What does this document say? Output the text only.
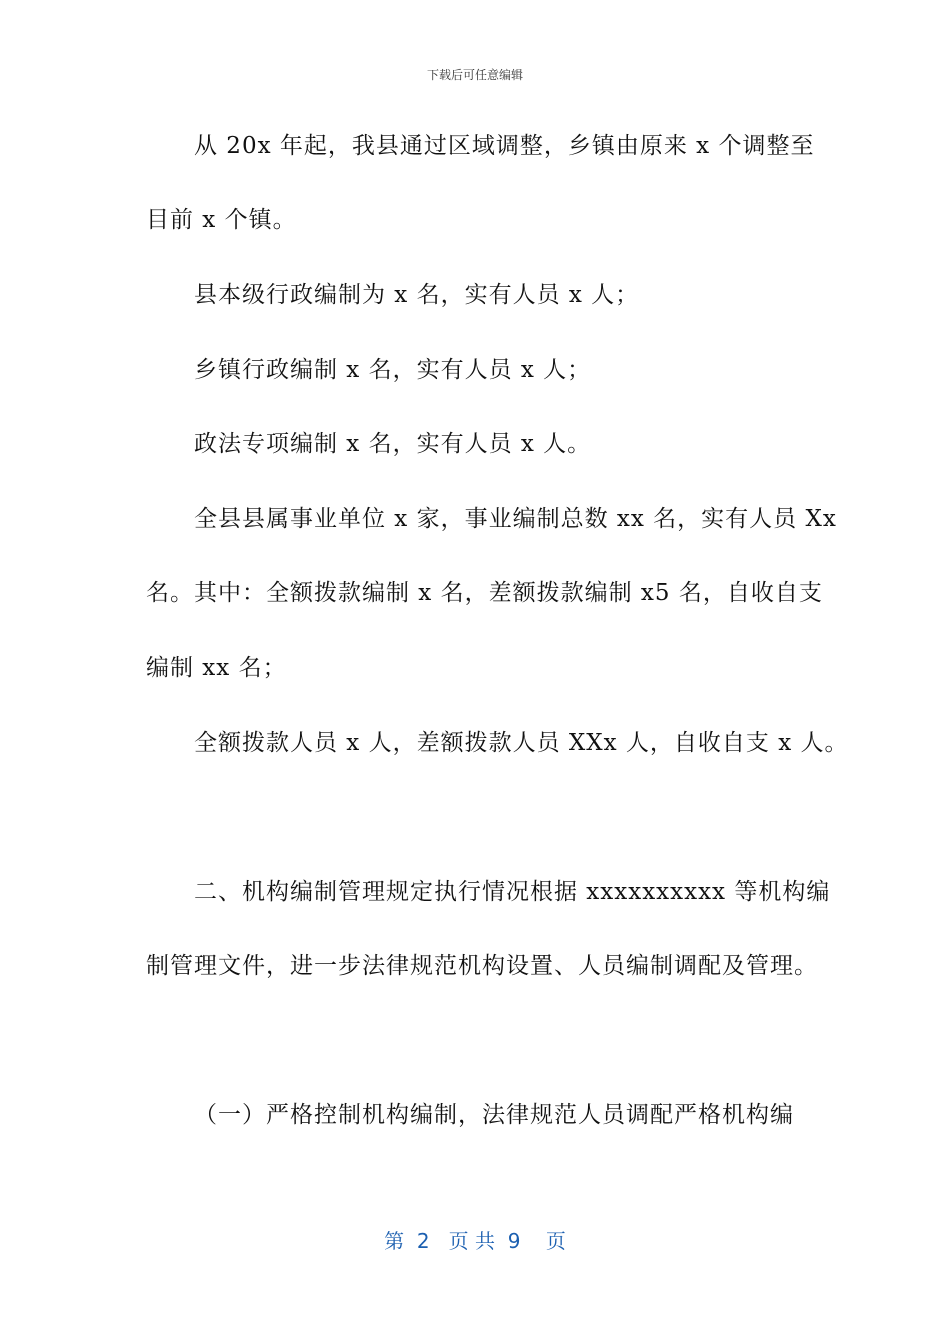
下载后可任意编辑
从 20x 年起，我县通过区域调整，乡镇由原来 x 个调整至
目前 x 个镇。
县本级行政编制为 x 名，实有人员 x 人；
乡镇行政编制 x 名，实有人员 x 人；
政法专项编制 x 名，实有人员 x 人。
全县县属事业单位 x 家，事业编制总数 xx 名，实有人员 Xx
名。其中：全额拨款编制 x 名，差额拨款编制 x5 名，自收自支
编制 xx 名；
全额拨款人员 x 人，差额拨款人员 XXx 人，自收自支 x 人。
二、机构编制管理规定执行情况根据 xxxxxxxxxx 等机构编
制管理文件，进一步法律规范机构设置、人员编制调配及管理。
（一）严格控制机构编制，法律规范人员调配严格机构编
第  2   页 共  9    页
